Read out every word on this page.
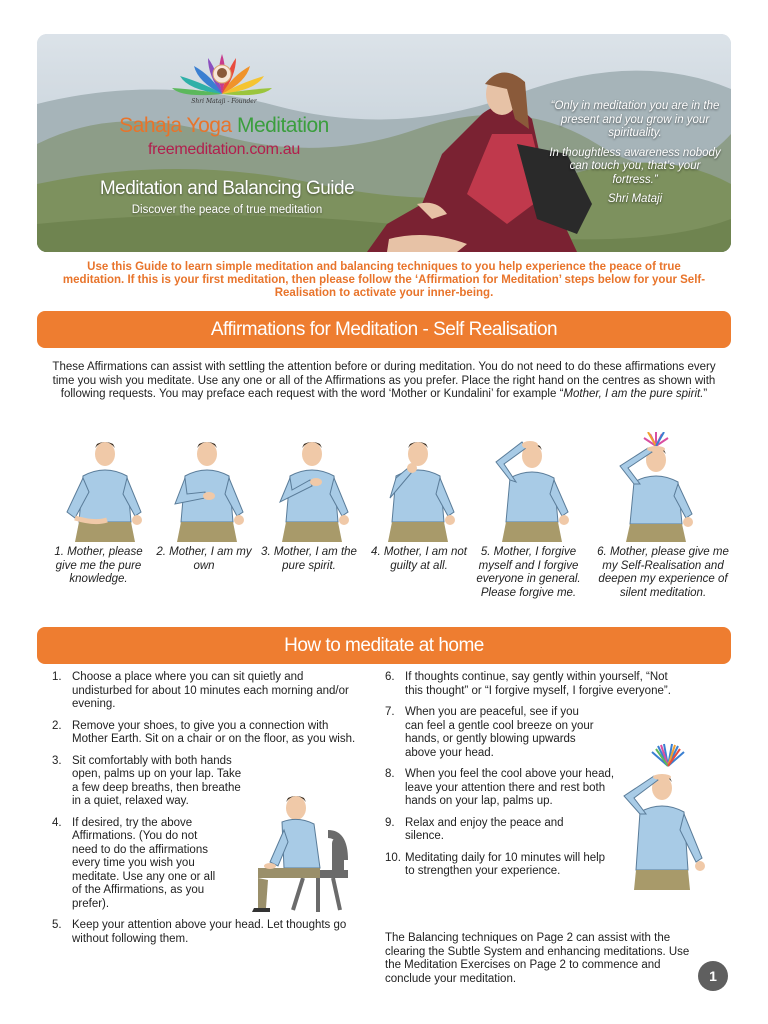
Shri Mataji - Founder
Sahaja Yoga Meditation
freemeditation.com.au
Meditation and Balancing Guide
Discover the peace of true meditation

“Only in meditation you are in the present and you grow in your spirituality.

In thoughtless awareness nobody can touch you, that’s your fortress.”

Shri Mataji

Use this Guide to learn simple meditation and balancing techniques to you help experience the peace of true meditation. If this is your first meditation, then please follow the ‘Affirmation for Meditation’ steps below for your Self-Realisation to activate your inner-being.
Affirmations for Meditation - Self Realisation
These Affirmations can assist with settling the attention before or during meditation. You do not need to do these affirmations every time you wish you meditate. Use any one or all of the Affirmations as you prefer. Place the right hand on the centres as shown with following requests. You may preface each request with the word ‘Mother or Kundalini’ for example “Mother, I am the pure spirit.”
1. Mother, please give me the pure knowledge.
2. Mother, I am my own
3. Mother, I am the pure spirit.
4. Mother, I am not guilty at all.
5. Mother, I forgive myself and I forgive everyone in general. Please forgive me.
6. Mother, please give me my Self-Realisation and deepen my experience of silent meditation.
How to meditate at home
1. Choose a place where you can sit quietly and undisturbed for about 10 minutes each morning and/or evening.
2. Remove your shoes, to give you a connection with Mother Earth. Sit on a chair or on the floor, as you wish.
3. Sit comfortably with both hands open, palms up on your lap. Take a few deep breaths, then breathe in a quiet, relaxed way.
4. If desired, try the above Affirmations. (You do not need to do the affirmations every time you wish you meditate. Use any one or all of the Affirmations, as you prefer).
5. Keep your attention above your head. Let thoughts go without following them.
6. If thoughts continue, say gently within yourself, “Not this thought” or “I forgive myself, I forgive everyone”.
7. When you are peaceful, see if you can feel a gentle cool breeze on your hands, or gently blowing upwards above your head.
8. When you feel the cool above your head, leave your attention there and rest both hands on your lap, palms up.
9. Relax and enjoy the peace and silence.
10. Meditating daily for 10 minutes will help to strengthen your experience.
The Balancing techniques on Page 2 can assist with the clearing the Subtle System and enhancing meditations. Use the Meditation Exercises on Page 2 to commence and conclude your meditation.	1
